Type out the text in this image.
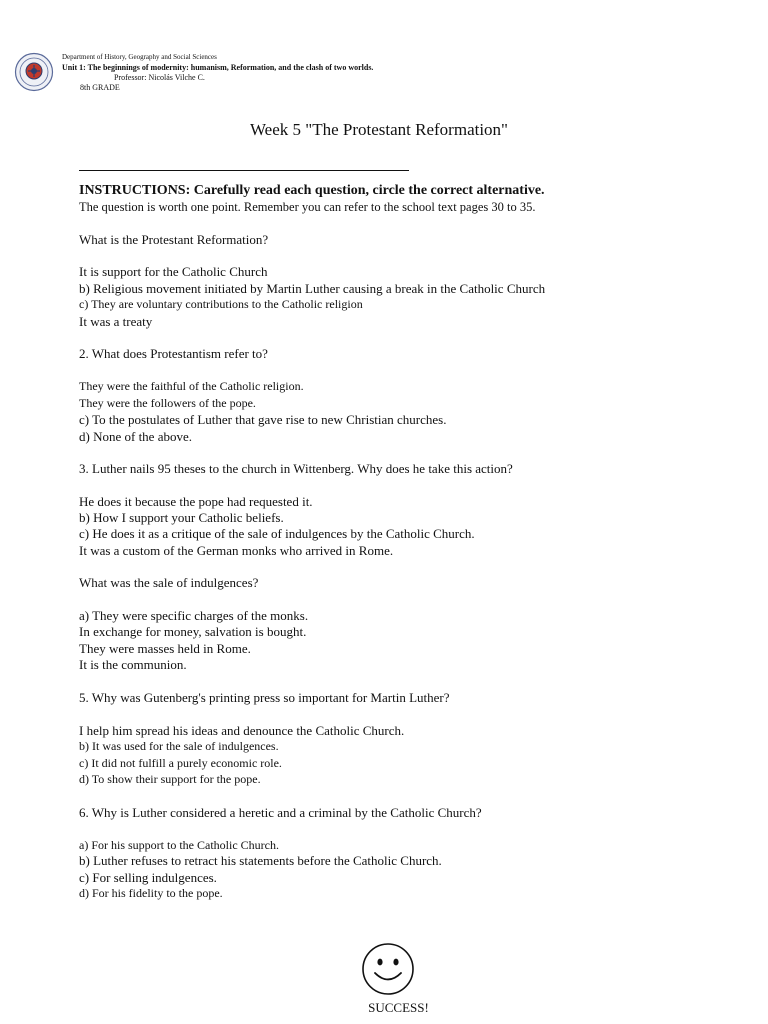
Department of History, Geography and Social Sciences
Unit 1: The beginnings of modernity: humanism, Reformation, and the clash of two worlds.
Professor: Nicolás Vilche C.
8th GRADE
Week 5 "The Protestant Reformation"
INSTRUCTIONS: Carefully read each question, circle the correct alternative.
The question is worth one point. Remember you can refer to the school text pages 30 to 35.
What is the Protestant Reformation?
It is support for the Catholic Church
b) Religious movement initiated by Martin Luther causing a break in the Catholic Church
c) They are voluntary contributions to the Catholic religion
It was a treaty
2. What does Protestantism refer to?
They were the faithful of the Catholic religion.
They were the followers of the pope.
c) To the postulates of Luther that gave rise to new Christian churches.
d) None of the above.
3. Luther nails 95 theses to the church in Wittenberg. Why does he take this action?
He does it because the pope had requested it.
b) How I support your Catholic beliefs.
c) He does it as a critique of the sale of indulgences by the Catholic Church.
It was a custom of the German monks who arrived in Rome.
What was the sale of indulgences?
a) They were specific charges of the monks.
In exchange for money, salvation is bought.
They were masses held in Rome.
It is the communion.
5. Why was Gutenberg's printing press so important for Martin Luther?
I help him spread his ideas and denounce the Catholic Church.
b) It was used for the sale of indulgences.
c) It did not fulfill a purely economic role.
d) To show their support for the pope.
6. Why is Luther considered a heretic and a criminal by the Catholic Church?
a) For his support to the Catholic Church.
b) Luther refuses to retract his statements before the Catholic Church.
c) For selling indulgences.
d) For his fidelity to the pope.
SUCCESS!
